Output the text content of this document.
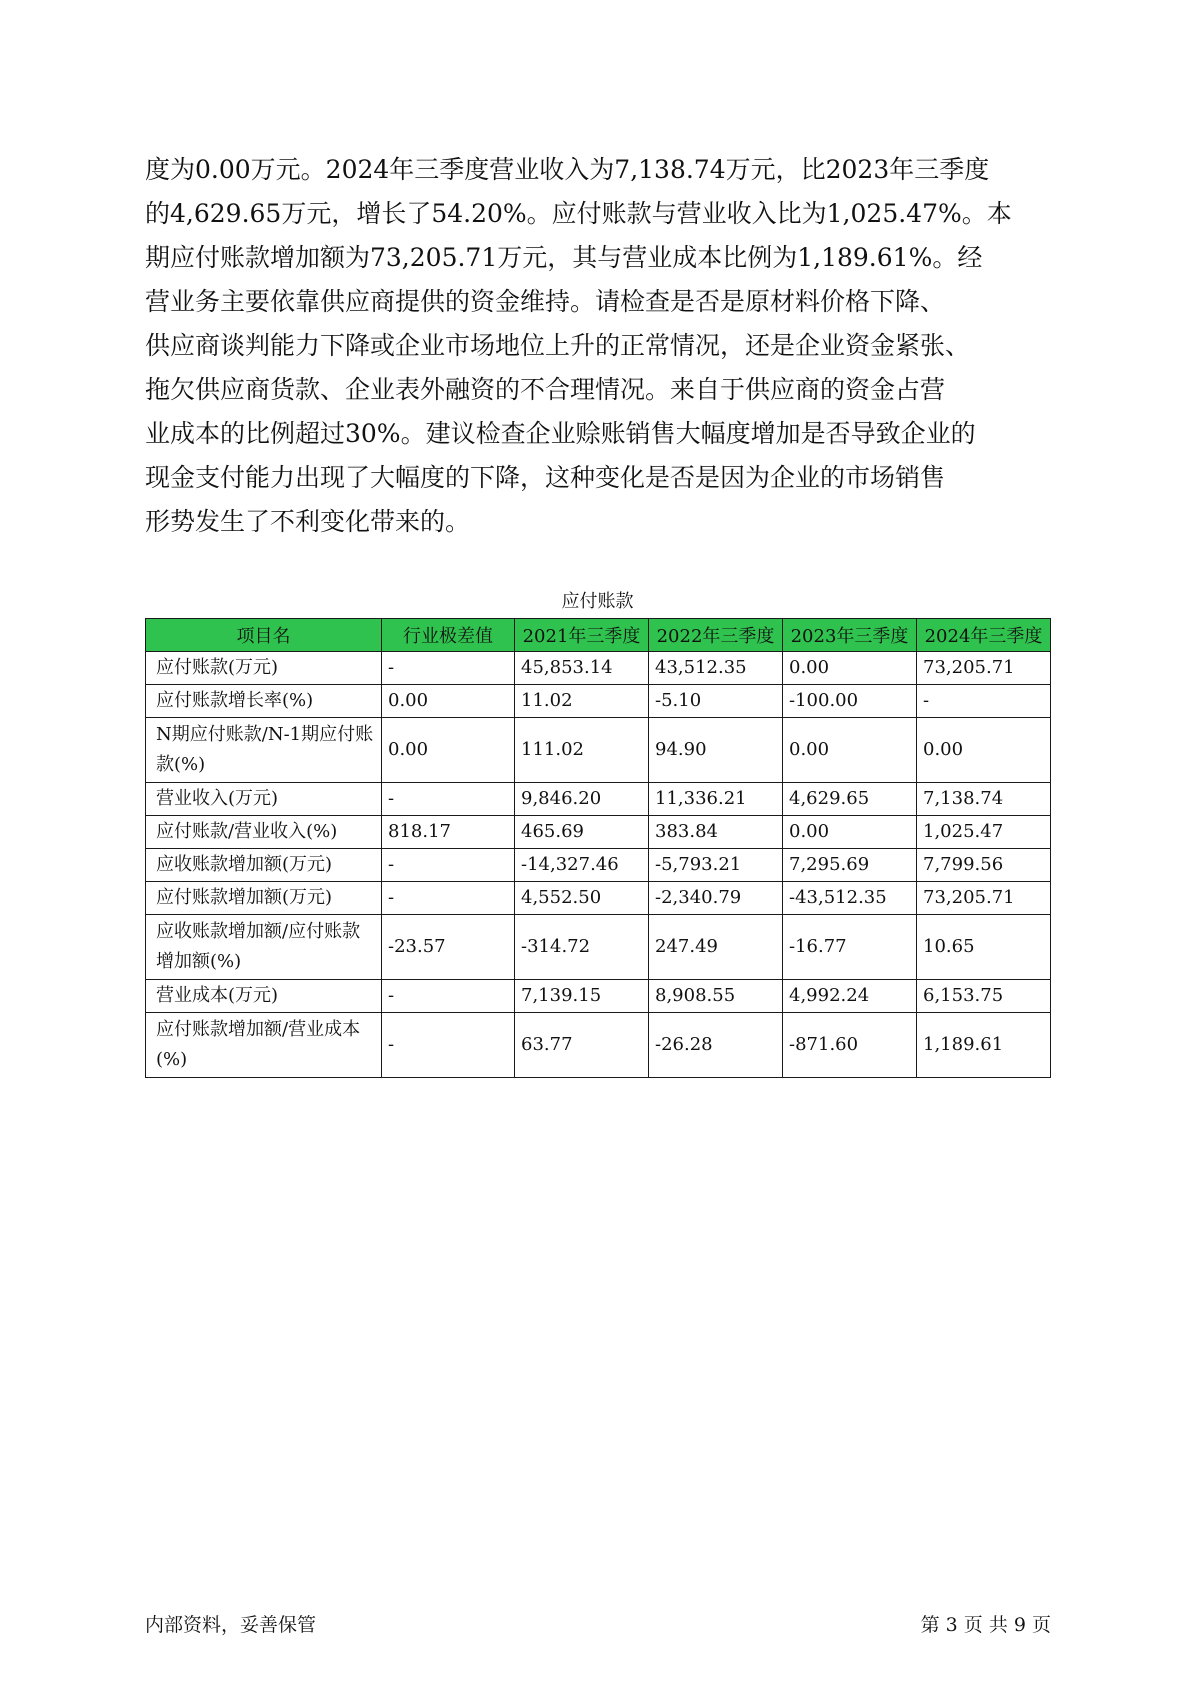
度为0.00万元。2024年三季度营业收入为7,138.74万元，比2023年三季度
的4,629.65万元，增长了54.20%。应付账款与营业收入比为1,025.47%。本
期应付账款增加额为73,205.71万元，其与营业成本比例为1,189.61%。经
营业务主要依靠供应商提供的资金维持。请检查是否是原材料价格下降、
供应商谈判能力下降或企业市场地位上升的正常情况，还是企业资金紧张、
拖欠供应商货款、企业表外融资的不合理情况。来自于供应商的资金占营
业成本的比例超过30%。建议检查企业赊账销售大幅度增加是否导致企业的
现金支付能力出现了大幅度的下降，这种变化是否是因为企业的市场销售
形势发生了不利变化带来的。
应付账款
项目名	行业极差值	2021年三季度	2022年三季度	2023年三季度	2024年三季度
应付账款(万元)	-	45,853.14	43,512.35	0.00	73,205.71
应付账款增长率(%)	0.00	11.02	-5.10	-100.00	-
N期应付账款/N-1期应付账款(%)	0.00	111.02	94.90	0.00	0.00
营业收入(万元)	-	9,846.20	11,336.21	4,629.65	7,138.74
应付账款/营业收入(%)	818.17	465.69	383.84	0.00	1,025.47
应收账款增加额(万元)	-	-14,327.46	-5,793.21	7,295.69	7,799.56
应付账款增加额(万元)	-	4,552.50	-2,340.79	-43,512.35	73,205.71
应收账款增加额/应付账款增加额(%)	-23.57	-314.72	247.49	-16.77	10.65
营业成本(万元)	-	7,139.15	8,908.55	4,992.24	6,153.75
应付账款增加额/营业成本(%)	-	63.77	-26.28	-871.60	1,189.61
内部资料，妥善保管	第 3 页 共 9 页
